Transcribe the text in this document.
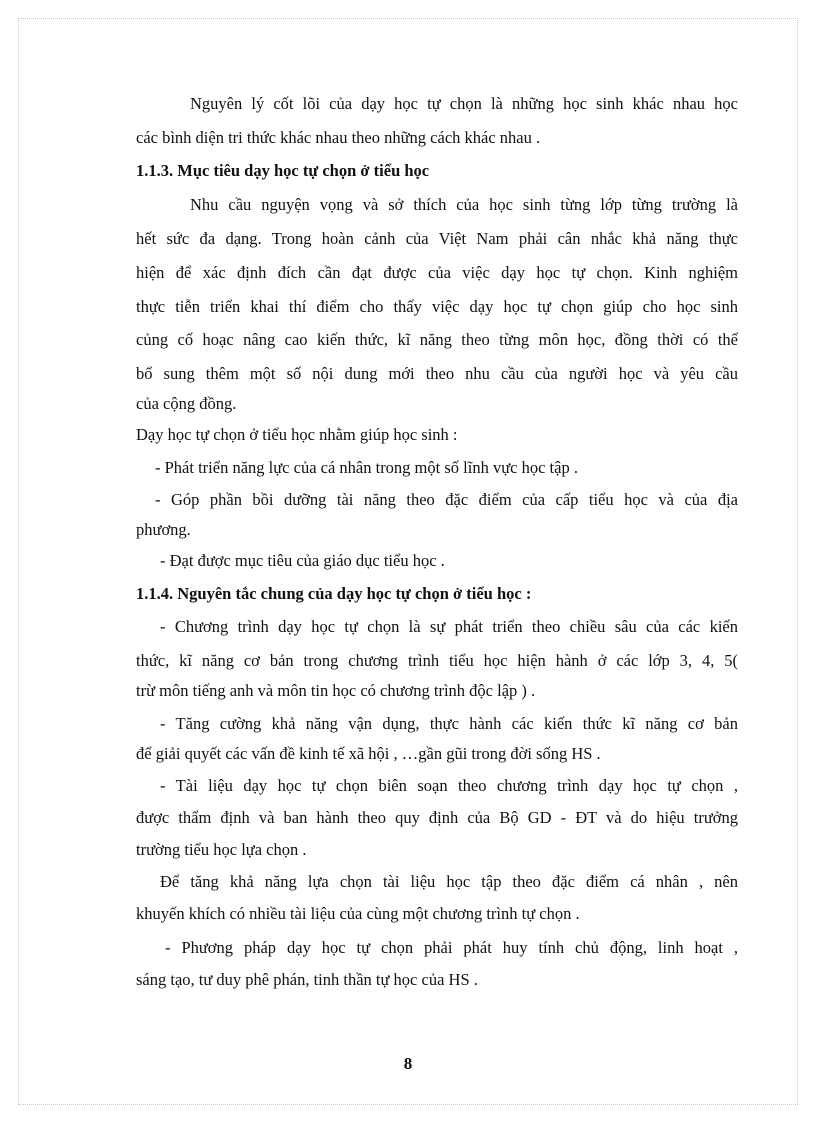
Nguyên lý cốt lõi của dạy học tự chọn là những học sinh khác nhau học
các bình diện tri thức khác nhau theo những cách khác nhau .
1.1.3. Mục tiêu dạy học tự chọn ở tiểu học
Nhu cầu nguyện vọng và sở thích của học sinh từng lớp từng trường là
hết sức đa dạng. Trong hoàn cảnh của Việt Nam phải cân nhắc khả năng thực
hiện để xác định đích cần đạt được của việc dạy học tự chọn. Kinh nghiệm
thực tiễn triển khai thí điểm cho thấy việc dạy học tự chọn giúp cho học sinh
củng cố hoạc nâng cao kiến thức, kĩ năng theo từng môn học, đồng thời có thể
bổ sung thêm một số nội dung mới theo nhu cầu của người học và yêu cầu
của cộng đồng.
Dạy học tự chọn ở tiểu học nhằm giúp học sinh :
- Phát triển năng lực của cá nhân trong một số lĩnh vực học tập .
- Góp phần bồi dưỡng tài năng theo đặc điểm của cấp tiểu học và của địa
phương.
- Đạt được mục tiêu của giáo dục tiểu học .
1.1.4. Nguyên tắc chung của dạy học tự chọn ở tiểu học :
- Chương trình dạy học tự chọn là sự phát triển theo chiều sâu của các kiến
thức, kĩ năng cơ bản trong chương trình tiểu học hiện hành ở các lớp 3, 4, 5(
trừ môn tiếng anh và môn tin học có chương trình độc lập ) .
- Tăng cường khả năng vận dụng, thực hành các kiến thức kĩ năng cơ bản
để giải quyết các vấn đề kinh tế xã hội , …gần gũi trong đời sống HS .
- Tài liệu dạy học tự chọn biên soạn theo chương trình dạy học tự chọn ,
được thẩm định và ban hành theo quy định của Bộ GD - ĐT và do hiệu trưởng
trường tiểu học lựa chọn .
Để tăng khả năng lựa chọn tài liệu học tập theo đặc điểm cá nhân , nên
khuyến khích có nhiều tài liệu của cùng một chương trình tự chọn .
- Phương pháp dạy học tự chọn phải phát huy tính chủ động, linh hoạt ,
sáng tạo, tư duy phê phán, tinh thần tự học của HS .
8
